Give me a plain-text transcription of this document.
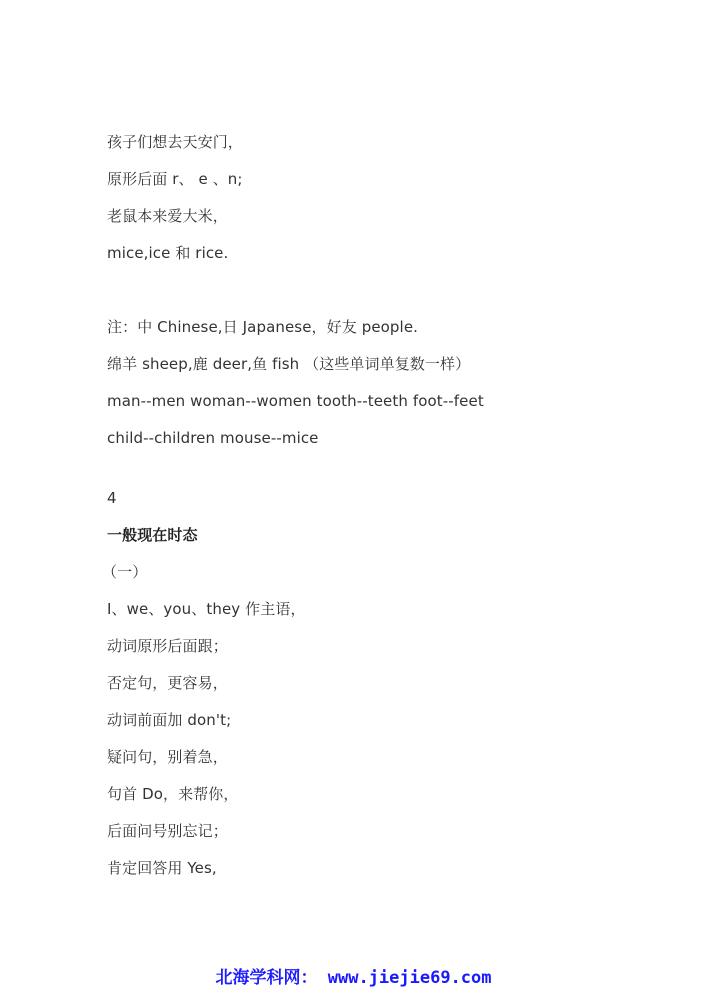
孩子们想去天安门，
原形后面 r、 e 、n;
老鼠本来爱大米，
mice,ice 和 rice.
注：中 Chinese,日 Japanese，好友 people.
绵羊 sheep,鹿 deer,鱼 fish （这些单词单复数一样）
man--men woman--women tooth--teeth foot--feet
child--children mouse--mice
4
一般现在时态
（一）
I、we、you、they 作主语，
动词原形后面跟；
否定句，更容易，
动词前面加 don't;
疑问句，别着急，
句首 Do，来帮你，
后面问号别忘记；
肯定回答用 Yes,
北海学科网： www.jiejie69.com
